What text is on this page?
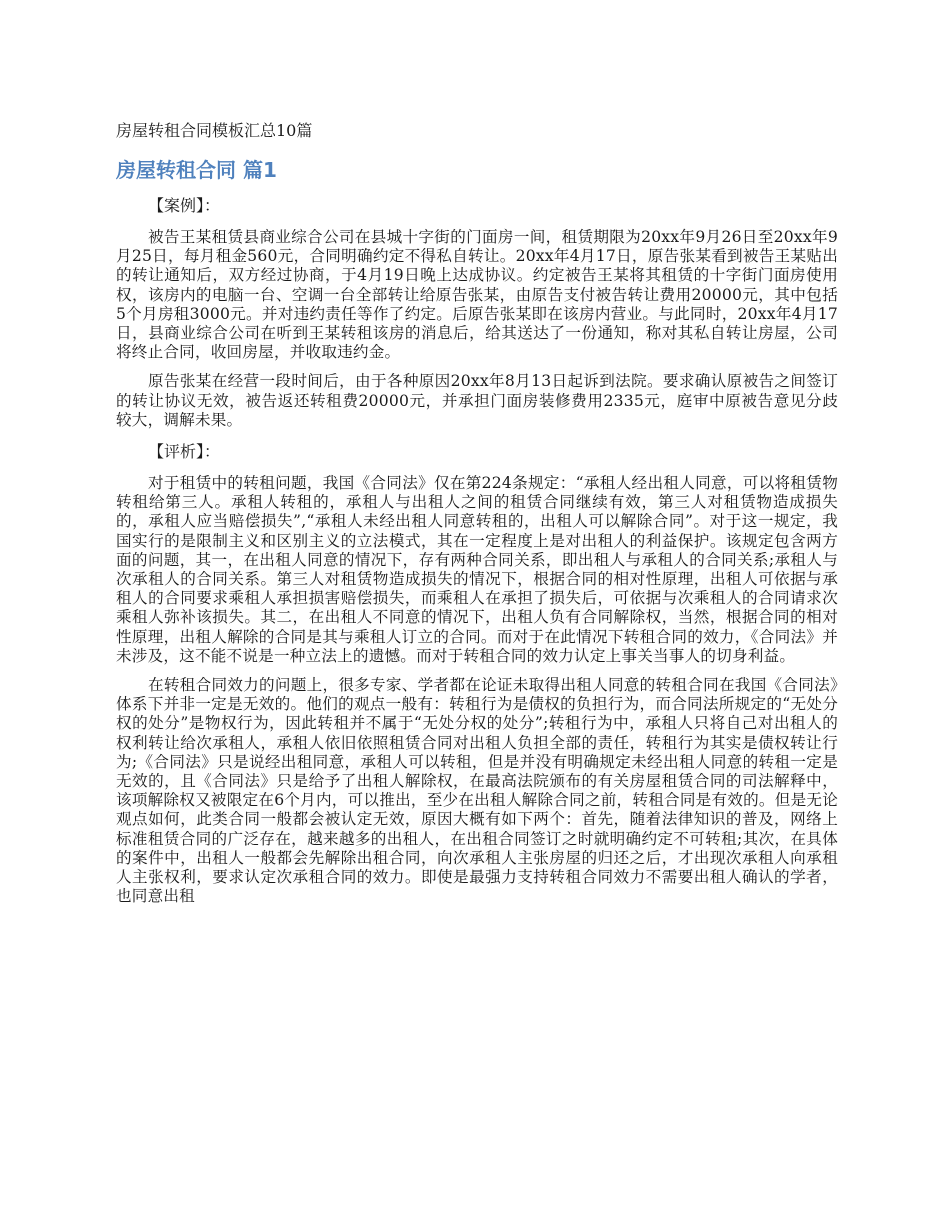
房屋转租合同模板汇总10篇
房屋转租合同 篇1
【案例】：

被告王某租赁县商业综合公司在县城十字街的门面房一间，租赁期限为20xx年9月26日至20xx年9月25日，每月租金560元，合同明确约定不得私自转让。20xx年4月17日，原告张某看到被告王某贴出的转让通知后，双方经过协商，于4月19日晚上达成协议。约定被告王某将其租赁的十字街门面房使用权，该房内的电脑一台、空调一台全部转让给原告张某，由原告支付被告转让费用20000元，其中包括5个月房租3000元。并对违约责任等作了约定。后原告张某即在该房内营业。与此同时，20xx年4月17日，县商业综合公司在听到王某转租该房的消息后，给其送达了一份通知，称对其私自转让房屋，公司将终止合同，收回房屋，并收取违约金。

原告张某在经营一段时间后，由于各种原因20xx年8月13日起诉到法院。要求确认原被告之间签订的转让协议无效，被告返还转租费20000元，并承担门面房装修费用2335元，庭审中原被告意见分歧较大，调解未果。

【评析】：

对于租赁中的转租问题，我国《合同法》仅在第224条规定：“承租人经出租人同意，可以将租赁物转租给第三人。承租人转租的，承租人与出租人之间的租赁合同继续有效，第三人对租赁物造成损失的，承租人应当赔偿损失”,“承租人未经出租人同意转租的，出租人可以解除合同”。对于这一规定，我国实行的是限制主义和区别主义的立法模式，其在一定程度上是对出租人的利益保护。该规定包含两方面的问题，其一，在出租人同意的情况下，存有两种合同关系，即出租人与承租人的合同关系;承租人与次承租人的合同关系。第三人对租赁物造成损失的情况下，根据合同的相对性原理，出租人可依据与承租人的合同要求乘租人承担损害赔偿损失，而乘租人在承担了损失后，可依据与次乘租人的合同请求次乘租人弥补该损失。其二，在出租人不同意的情况下，出租人负有合同解除权，当然，根据合同的相对性原理，出租人解除的合同是其与乘租人订立的合同。而对于在此情况下转租合同的效力，《合同法》并未涉及，这不能不说是一种立法上的遗憾。而对于转租合同的效力认定上事关当事人的切身利益。

在转租合同效力的问题上，很多专家、学者都在论证未取得出租人同意的转租合同在我国《合同法》体系下并非一定是无效的。他们的观点一般有：转租行为是债权的负担行为，而合同法所规定的“无处分权的处分”是物权行为，因此转租并不属于“无处分权的处分”;转租行为中，承租人只将自己对出租人的权利转让给次承租人，承租人依旧依照租赁合同对出租人负担全部的责任，转租行为其实是债权转让行为;《合同法》只是说经出租同意，承租人可以转租，但是并没有明确规定未经出租人同意的转租一定是无效的，且《合同法》只是给予了出租人解除权，在最高法院颁布的有关房屋租赁合同的司法解释中，该项解除权又被限定在6个月内，可以推出，至少在出租人解除合同之前，转租合同是有效的。但是无论观点如何，此类合同一般都会被认定无效，原因大概有如下两个：首先，随着法律知识的普及，网络上标准租赁合同的广泛存在，越来越多的出租人，在出租合同签订之时就明确约定不可转租;其次，在具体的案件中，出租人一般都会先解除出租合同，向次承租人主张房屋的归还之后，才出现次承租人向承租人主张权利，要求认定次承租合同的效力。即使是最强力支持转租合同效力不需要出租人确认的学者，也同意出租
